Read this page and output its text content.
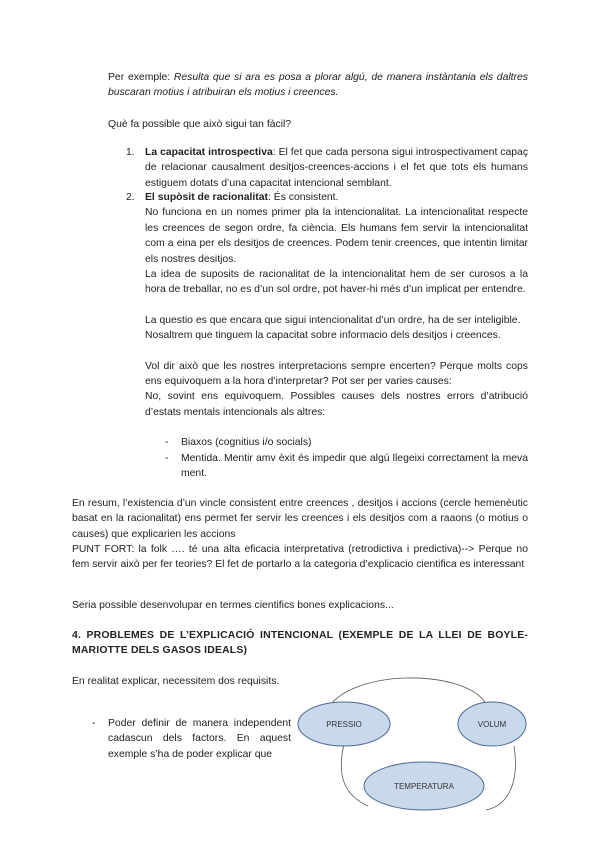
Per exemple: Resulta que si ara es posa a plorar algú, de manera instàntania els daltres buscaran motius i atribuiran els motius i creences.
Què fa possible que això sigui tan fàcil?
1. La capacitat introspectiva: El fet que cada persona sigui introspectivament capaç de relacionar causalment desitjos-creences-accions i el fet que tots els humans estiguem dotats d’una capacitat intencional semblant.
2. El supòsit de racionalitat: És consistent.
No funciona en un nomes primer pla la intencionalitat. La intencionalitat respecte les creences de segon ordre, fa ciència. Els humans fem servir la intencionalitat com a eina per els desitjos de creences. Podem tenir creences, que intentin limitar els nostres desitjos.
La idea de suposits de racionalitat de la intencionalitat hem de ser curosos a la hora de treballar, no es d’un sol ordre, pot haver-hi més d’un implicat per entendre.
La questio es que encara que sigui intencionalitat d’un ordre, ha de ser inteligible.
Nosaltrem que tinguem la capacitat sobre informacio dels desitjos i creences.
Vol dir això que les nostres interpretacions sempre encerten? Perque molts cops ens equivoquem a la hora d’interpretar? Pot ser per varies causes:
No, sovint ens equivoquem. Possibles causes dels nostres errors d’atribució d’estats mentals intencionals als altres:
- Biaxos (cognitius i/o socials)
- Mentida. Mentir amv èxit és impedir que algú llegeixi correctament la meva ment.
En resum, l’existencia d’un vincle consistent entre creences , desitjos i accions (cercle hemenèutic basat en la racionalitat) ens permet fer servir les creences i els desitjos com a raaons (o motius o causes) que explicarien les accions
PUNT FORT: la folk …. té una alta eficacia interpretativa (retrodictiva i predictiva)--> Perque no fem servir això per fer teories? El fet de portarlo a la categoria d’explicacio cientifica es interessant
Seria possible desenvolupar en termes cientifics bones explicacions...
4. PROBLEMES DE L’EXPLICACIÓ INTENCIONAL (EXEMPLE DE LA LLEI DE BOYLE-MARIOTTE DELS GASOS IDEALS)
En realitat explicar, necessitem dos requisits.
- Poder definir de manera independent cadascun dels factors. En aquest exemple s’ha de poder explicar que
PRESSIO	VOLUM
TEMPERATURA
